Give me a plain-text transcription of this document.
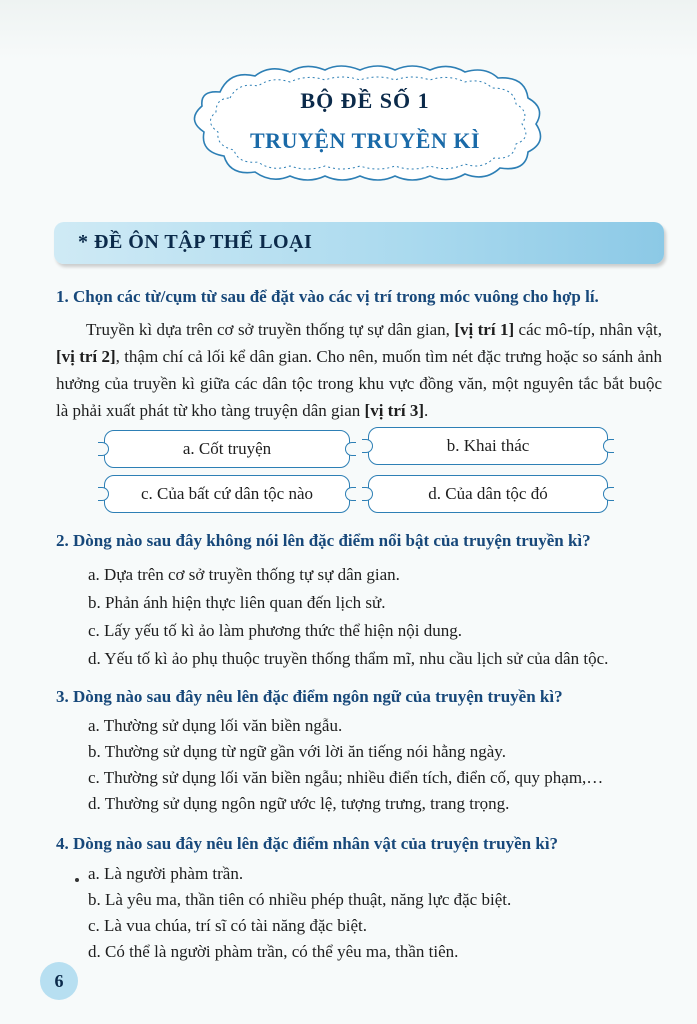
BỘ ĐỀ SỐ 1
TRUYỆN TRUYỀN KÌ
* ĐỀ ÔN TẬP THỂ LOẠI
1. Chọn các từ/cụm từ sau để đặt vào các vị trí trong móc vuông cho hợp lí.
Truyền kì dựa trên cơ sở truyền thống tự sự dân gian, [vị trí 1] các mô-típ, nhân vật, [vị trí 2], thậm chí cả lối kể dân gian. Cho nên, muốn tìm nét đặc trưng hoặc so sánh ảnh hưởng của truyền kì giữa các dân tộc trong khu vực đồng văn, một nguyên tắc bắt buộc là phải xuất phát từ kho tàng truyện dân gian [vị trí 3].
a. Cốt truyện	b. Khai thác
c. Của bất cứ dân tộc nào	d. Của dân tộc đó
2. Dòng nào sau đây không nói lên đặc điểm nổi bật của truyện truyền kì?
a. Dựa trên cơ sở truyền thống tự sự dân gian.
b. Phản ánh hiện thực liên quan đến lịch sử.
c. Lấy yếu tố kì ảo làm phương thức thể hiện nội dung.
d. Yếu tố kì ảo phụ thuộc truyền thống thẩm mĩ, nhu cầu lịch sử của dân tộc.
3. Dòng nào sau đây nêu lên đặc điểm ngôn ngữ của truyện truyền kì?
a. Thường sử dụng lối văn biền ngẫu.
b. Thường sử dụng từ ngữ gần với lời ăn tiếng nói hằng ngày.
c. Thường sử dụng lối văn biền ngẫu; nhiều điển tích, điển cố, quy phạm,…
d. Thường sử dụng ngôn ngữ ước lệ, tượng trưng, trang trọng.
4. Dòng nào sau đây nêu lên đặc điểm nhân vật của truyện truyền kì?
a. Là người phàm trần.
b. Là yêu ma, thần tiên có nhiều phép thuật, năng lực đặc biệt.
c. Là vua chúa, trí sĩ có tài năng đặc biệt.
d. Có thể là người phàm trần, có thể yêu ma, thần tiên.
6
